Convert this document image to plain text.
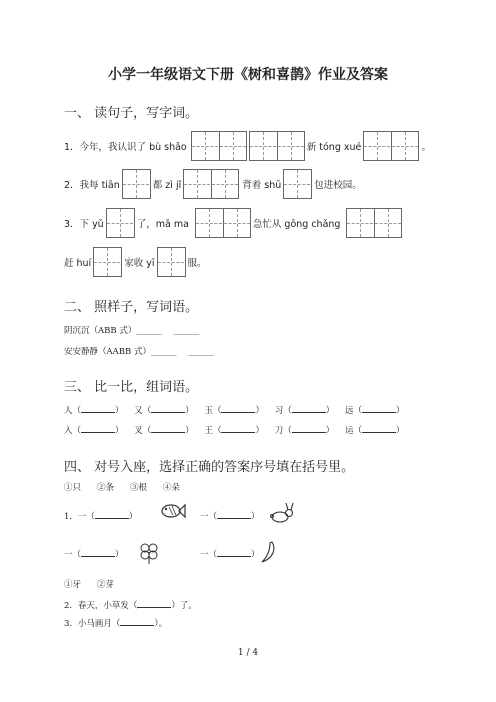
小学一年级语文下册《树和喜鹊》作业及答案
一、 读句子，写字词。
1．今年，我认识了 bù shǎo	新 tóng xué	。
2．我每 tiān	都 zì jǐ	背着 shū	包进校园。
3．下 yǔ	了，mā ma	急忙从 gōng chǎng
赶 huí	家收 yī	服。
二、 照样子，写词语。
阴沉沉（ABB 式）______ ______
安安静静（AABB 式）______ ______
三、 比一比，组词语。
人（	） 又（	） 玉（	） 习（	） 远（	）
入（	） 叉（	） 王（	） 刀（	） 运（	）
四、 对号入座，选择正确的答案序号填在括号里。
①只 ②条 ③根 ④朵
1．一（	）	一（	）
一（	）	一（	）
①牙 ②芽
2．春天，小草发（	）了。
3．小马画月（	）。
1 / 4
